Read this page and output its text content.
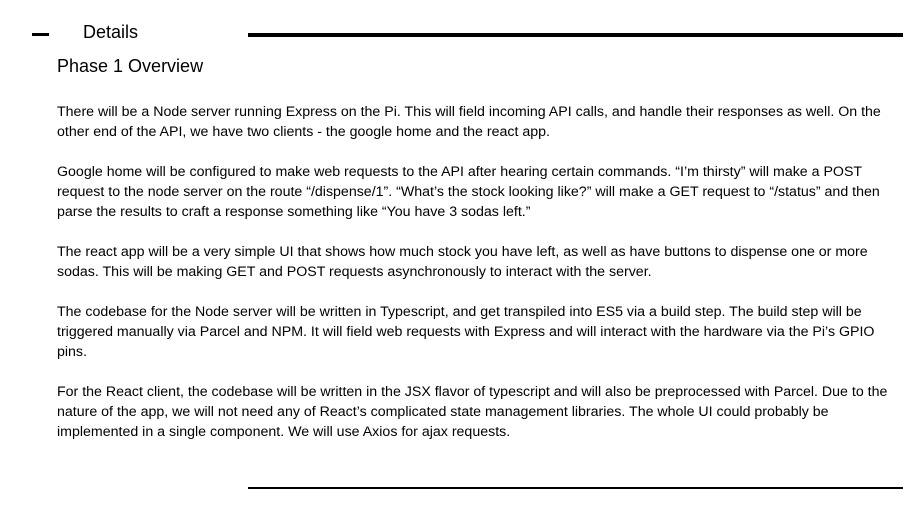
Details
Phase 1 Overview

There will be a Node server running Express on the Pi. This will field incoming API calls, and handle their responses as well. On the other end of the API, we have two clients - the google home and the react app.

Google home will be configured to make web requests to the API after hearing certain commands. “I’m thirsty” will make a POST request to the node server on the route “/dispense/1”. “What’s the stock looking like?” will make a GET request to “/status” and then parse the results to craft a response something like “You have 3 sodas left.”

The react app will be a very simple UI that shows how much stock you have left, as well as have buttons to dispense one or more sodas. This will be making GET and POST requests asynchronously to interact with the server.

The codebase for the Node server will be written in Typescript, and get transpiled into ES5 via a build step. The build step will be triggered manually via Parcel and NPM. It will field web requests with Express and will interact with the hardware via the Pi’s GPIO pins.

For the React client, the codebase will be written in the JSX flavor of typescript and will also be preprocessed with Parcel. Due to the nature of the app, we will not need any of React’s complicated state management libraries. The whole UI could probably be implemented in a single component. We will use Axios for ajax requests.
